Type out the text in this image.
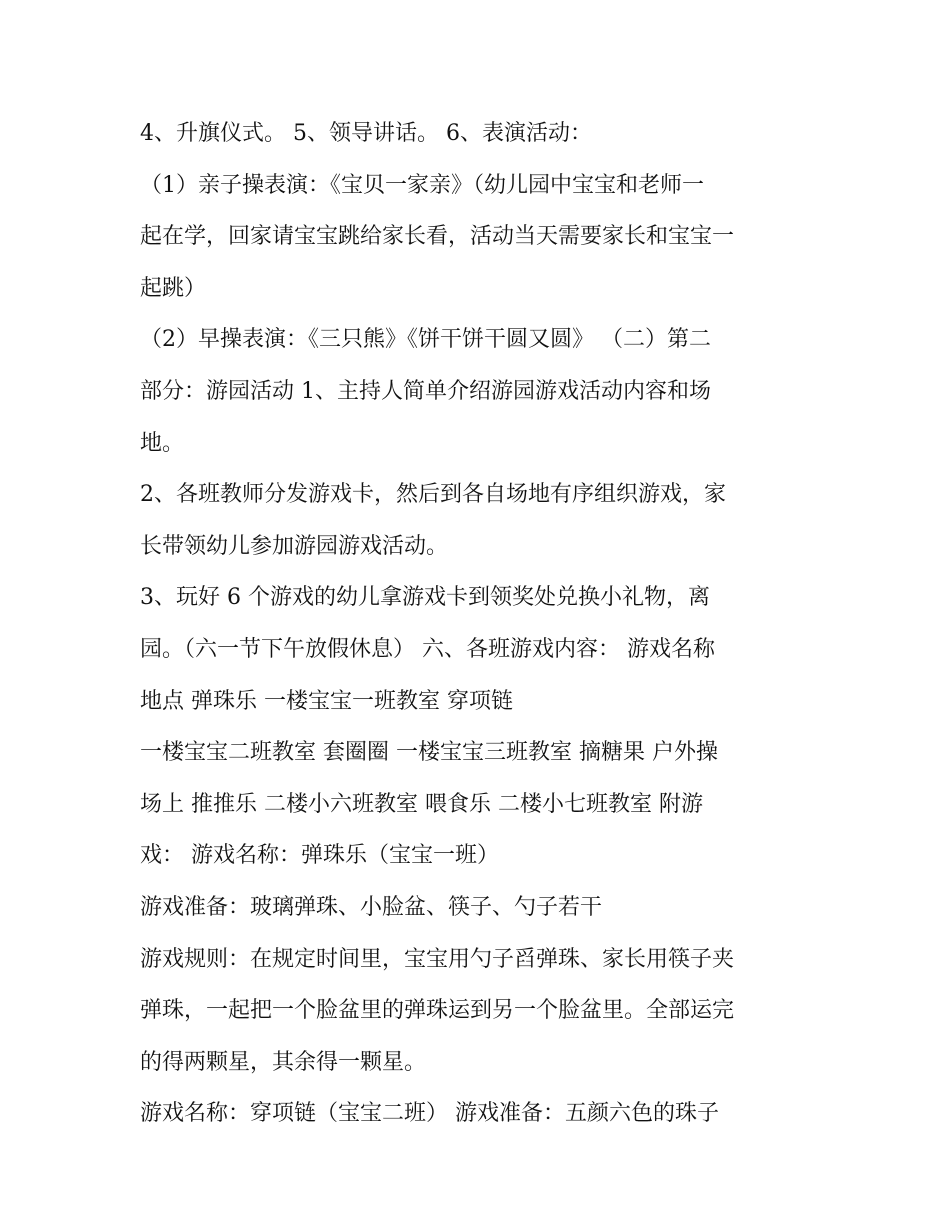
4、升旗仪式。 5、领导讲话。 6、表演活动：
（1）亲子操表演：《宝贝一家亲》（幼儿园中宝宝和老师一
起在学，回家请宝宝跳给家长看，活动当天需要家长和宝宝一
起跳）
（2）早操表演：《三只熊》《饼干饼干圆又圆》 （二）第二
部分：游园活动 1、主持人简单介绍游园游戏活动内容和场
地。
2、各班教师分发游戏卡，然后到各自场地有序组织游戏，家
长带领幼儿参加游园游戏活动。
3、玩好 6 个游戏的幼儿拿游戏卡到领奖处兑换小礼物，离
园。（六一节下午放假休息） 六、各班游戏内容： 游戏名称
地点 弹珠乐 一楼宝宝一班教室 穿项链
一楼宝宝二班教室 套圈圈 一楼宝宝三班教室 摘糖果 户外操
场上 推推乐 二楼小六班教室 喂食乐 二楼小七班教室 附游
戏： 游戏名称：弹珠乐（宝宝一班）
游戏准备：玻璃弹珠、小脸盆、筷子、勺子若干
游戏规则：在规定时间里，宝宝用勺子舀弹珠、家长用筷子夹
弹珠，一起把一个脸盆里的弹珠运到另一个脸盆里。全部运完
的得两颗星，其余得一颗星。
游戏名称：穿项链（宝宝二班） 游戏准备：五颜六色的珠子
